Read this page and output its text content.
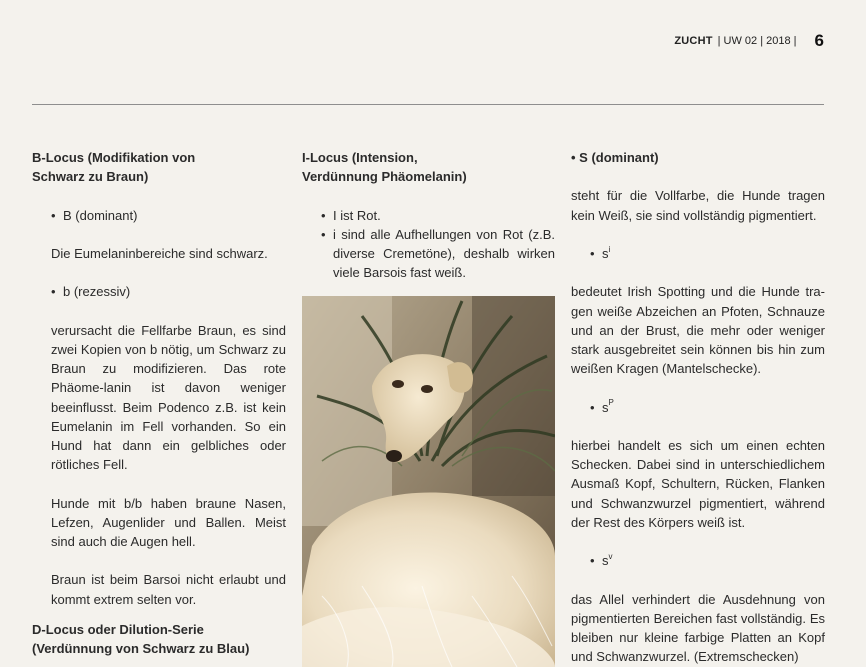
ZUCHT | UW 02 | 2018 | 6

B-Locus (Modifikation von

Schwarz zu Braun)

• B (dominant)

Die Eumelaninbereiche sind schwarz.

• b (rezessiv)

verursacht die Fellfarbe Braun, es sind zwei Kopien von b nötig, um Schwarz zu Braun zu modifizieren. Das rote Phäome-lanin ist davon weniger beeinflusst. Beim Podenco z.B. ist kein Eumelanin im Fell vorhanden. So ein Hund hat dann ein gelbliches oder rötliches Fell.

Hunde mit b/b haben braune Nasen, Lefzen, Augenlider und Ballen. Meist sind auch die Augen hell.

Braun ist beim Barsoi nicht erlaubt und kommt extrem selten vor.

D-Locus oder Dilution-Serie

(Verdünnung von Schwarz zu Blau)

I-Locus (Intension,

Verdünnung Phäomelanin)

• I ist Rot.

• i sind alle Aufhellungen von Rot (z.B. diverse Cremetöne), deshalb wirken viele Barsois fast weiß.

• S (dominant)

steht für die Vollfarbe, die Hunde tragen kein Weiß, sie sind vollständig pigmentiert.

• $s^i$

bedeutet Irish Spotting und die Hunde tra-gen weiße Abzeichen an Pfoten, Schnauze und an der Brust, die mehr oder weniger stark ausgebreitet sein können bis hin zum weißen Kragen (Mantelschecke).

• $s^P$

hierbei handelt es sich um einen echten Schecken. Dabei sind in unterschiedlichem Ausmaß Kopf, Schultern, Rücken, Flanken und Schwanzwurzel pigmentiert, während der Rest des Körpers weiß ist.

• $s^v$

das Allel verhindert die Ausdehnung von pigmentierten Bereichen fast vollständig. Es bleiben nur kleine farbige Platten an Kopf und Schwanzwurzel. (Extremschecken)
